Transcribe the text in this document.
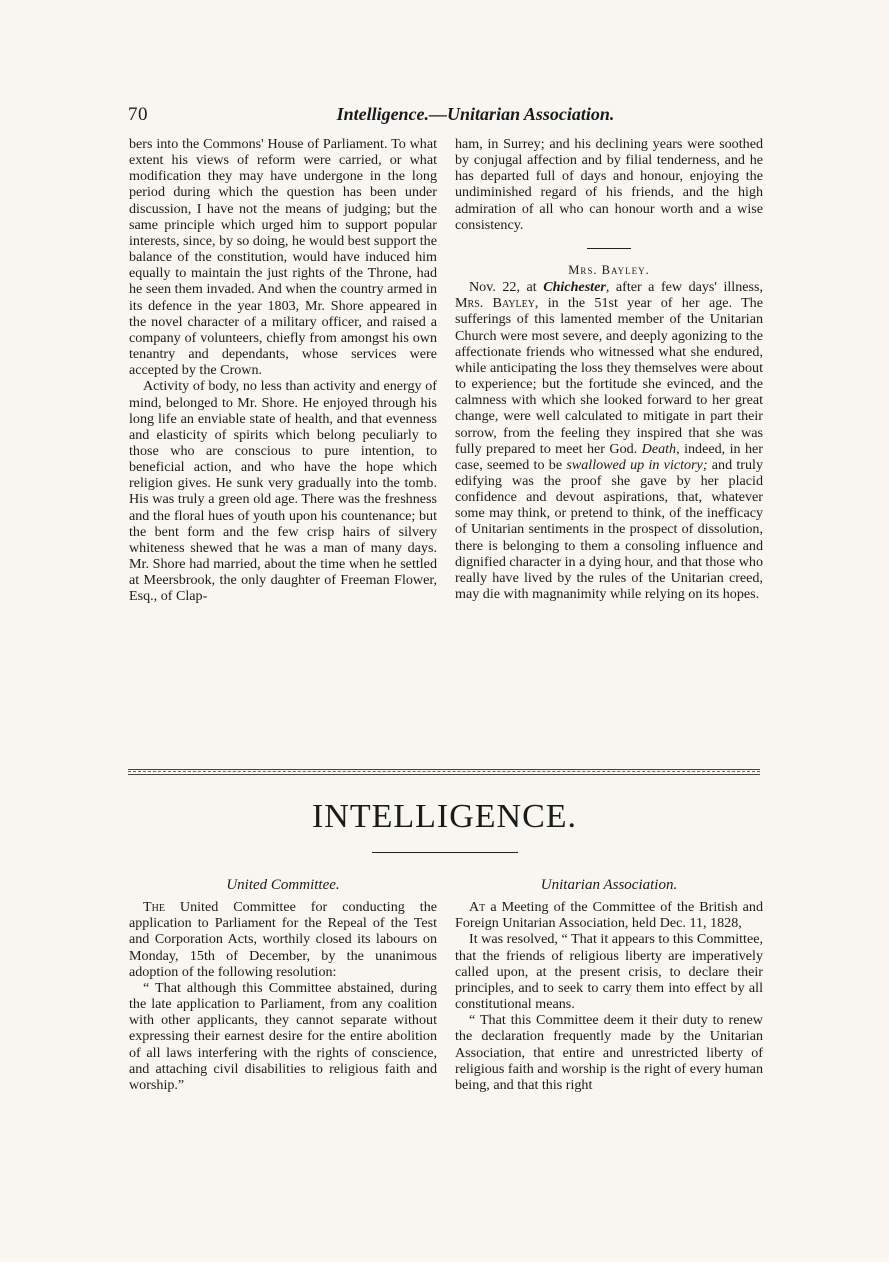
70	Intelligence.—Unitarian Association.

bers into the Commons' House of Parliament. To what extent his views of reform were carried, or what modification they may have undergone in the long period during which the question has been under discussion, I have not the means of judging; but the same principle which urged him to support popular interests, since, by so doing, he would best support the balance of the constitution, would have induced him equally to maintain the just rights of the Throne, had he seen them invaded. And when the country armed in its defence in the year 1803, Mr. Shore appeared in the novel character of a military officer, and raised a company of volunteers, chiefly from amongst his own tenantry and dependants, whose services were accepted by the Crown.

Activity of body, no less than activity and energy of mind, belonged to Mr. Shore. He enjoyed through his long life an enviable state of health, and that evenness and elasticity of spirits which belong peculiarly to those who are conscious to pure intention, to beneficial action, and who have the hope which religion gives. He sunk very gradually into the tomb. His was truly a green old age. There was the freshness and the floral hues of youth upon his countenance; but the bent form and the few crisp hairs of silvery whiteness shewed that he was a man of many days. Mr. Shore had married, about the time when he settled at Meersbrook, the only daughter of Freeman Flower, Esq., of Clap-

ham, in Surrey; and his declining years were soothed by conjugal affection and by filial tenderness, and he has departed full of days and honour, enjoying the undiminished regard of his friends, and the high admiration of all who can honour worth and a wise consistency.

Mrs. Bayley.

Nov. 22, at Chichester, after a few days' illness, Mrs. Bayley, in the 51st year of her age. The sufferings of this lamented member of the Unitarian Church were most severe, and deeply agonizing to the affectionate friends who witnessed what she endured, while anticipating the loss they themselves were about to experience; but the fortitude she evinced, and the calmness with which she looked forward to her great change, were well calculated to mitigate in part their sorrow, from the feeling they inspired that she was fully prepared to meet her God. Death, indeed, in her case, seemed to be swallowed up in victory; and truly edifying was the proof she gave by her placid confidence and devout aspirations, that, whatever some may think, or pretend to think, of the inefficacy of Unitarian sentiments in the prospect of dissolution, there is belonging to them a consoling influence and dignified character in a dying hour, and that those who really have lived by the rules of the Unitarian creed, may die with magnanimity while relying on its hopes.

INTELLIGENCE.

United Committee.

The United Committee for conducting the application to Parliament for the Repeal of the Test and Corporation Acts, worthily closed its labours on Monday, 15th of December, by the unanimous adoption of the following resolution:

“ That although this Committee abstained, during the late application to Parliament, from any coalition with other applicants, they cannot separate without expressing their earnest desire for the entire abolition of all laws interfering with the rights of conscience, and attaching civil disabilities to religious faith and worship.”

Unitarian Association.

At a Meeting of the Committee of the British and Foreign Unitarian Association, held Dec. 11, 1828,

It was resolved, “ That it appears to this Committee, that the friends of religious liberty are imperatively called upon, at the present crisis, to declare their principles, and to seek to carry them into effect by all constitutional means.

“ That this Committee deem it their duty to renew the declaration frequently made by the Unitarian Association, that entire and unrestricted liberty of religious faith and worship is the right of every human being, and that this right
